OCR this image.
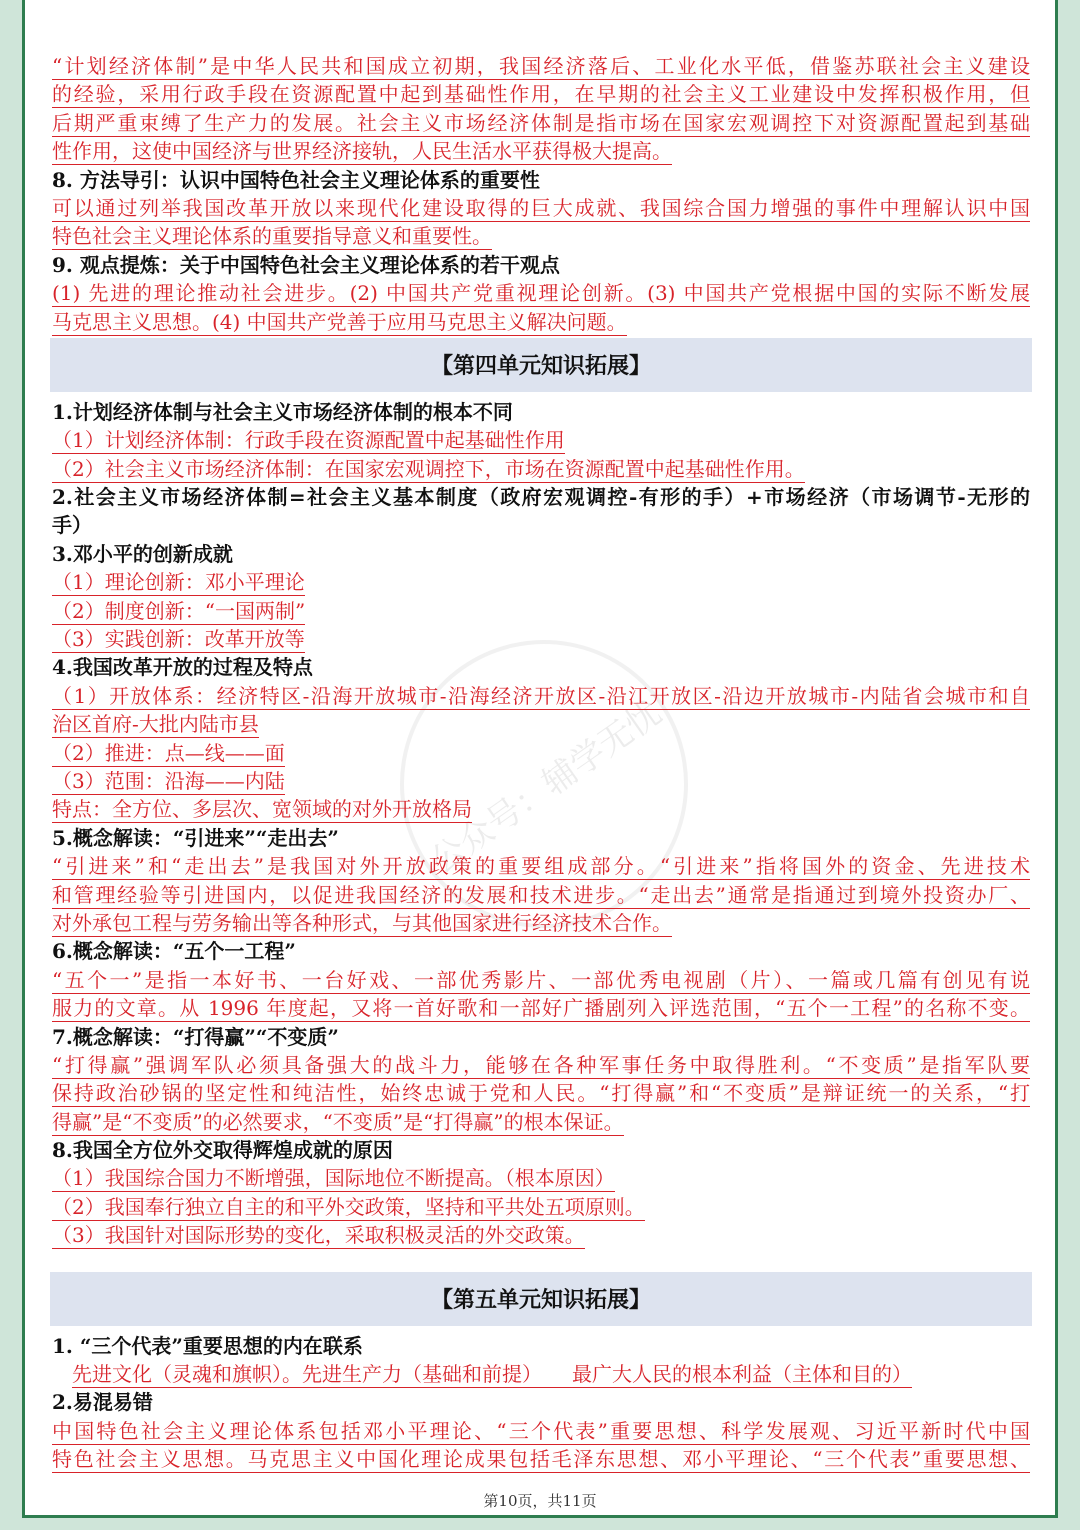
公众号：辅学无忧
“计划经济体制”是中华人民共和国成立初期，我国经济落后、工业化水平低，借鉴苏联社会主义建设
的经验，采用行政手段在资源配置中起到基础性作用，在早期的社会主义工业建设中发挥积极作用，但
后期严重束缚了生产力的发展。社会主义市场经济体制是指市场在国家宏观调控下对资源配置起到基础
性作用，这使中国经济与世界经济接轨，人民生活水平获得极大提高。
8. 方法导引：认识中国特色社会主义理论体系的重要性
可以通过列举我国改革开放以来现代化建设取得的巨大成就、我国综合国力增强的事件中理解认识中国
特色社会主义理论体系的重要指导意义和重要性。
9. 观点提炼：关于中国特色社会主义理论体系的若干观点
(1) 先进的理论推动社会进步。(2) 中国共产党重视理论创新。(3) 中国共产党根据中国的实际不断发展
马克思主义思想。(4) 中国共产党善于应用马克思主义解决问题。
【第四单元知识拓展】
1.计划经济体制与社会主义市场经济体制的根本不同
（1）计划经济体制：行政手段在资源配置中起基础性作用
（2）社会主义市场经济体制：在国家宏观调控下，市场在资源配置中起基础性作用。
2.社会主义市场经济体制=社会主义基本制度（政府宏观调控-有形的手）+市场经济（市场调节-无形的
手）
3.邓小平的创新成就
（1）理论创新：邓小平理论
（2）制度创新：“一国两制”
（3）实践创新：改革开放等
4.我国改革开放的过程及特点
（1）开放体系：经济特区-沿海开放城市-沿海经济开放区-沿江开放区-沿边开放城市-内陆省会城市和自
治区首府-大批内陆市县
（2）推进：点—线——面
（3）范围：沿海——内陆
特点：全方位、多层次、宽领域的对外开放格局
5.概念解读：“引进来”“走出去”
“引进来”和“走出去”是我国对外开放政策的重要组成部分。“引进来”指将国外的资金、先进技术
和管理经验等引进国内，以促进我国经济的发展和技术进步。“走出去”通常是指通过到境外投资办厂、
对外承包工程与劳务输出等各种形式，与其他国家进行经济技术合作。
6.概念解读：“五个一工程”
“五个一”是指一本好书、一台好戏、一部优秀影片、一部优秀电视剧（片）、一篇或几篇有创见有说
服力的文章。从 1996 年度起，又将一首好歌和一部好广播剧列入评选范围，“五个一工程”的名称不变。
7.概念解读：“打得赢”“不变质”
“打得赢”强调军队必须具备强大的战斗力，能够在各种军事任务中取得胜利。“不变质”是指军队要
保持政治砂锅的坚定性和纯洁性，始终忠诚于党和人民。“打得赢”和“不变质”是辩证统一的关系，“打
得赢”是“不变质”的必然要求，“不变质”是“打得赢”的根本保证。
8.我国全方位外交取得辉煌成就的原因
（1）我国综合国力不断增强，国际地位不断提高。（根本原因）
（2）我国奉行独立自主的和平外交政策，坚持和平共处五项原则。
（3）我国针对国际形势的变化，采取积极灵活的外交政策。
【第五单元知识拓展】
1. “三个代表”重要思想的内在联系
先进文化（灵魂和旗帜）。先进生产力（基础和前提）　　最广大人民的根本利益（主体和目的）
2.易混易错
中国特色社会主义理论体系包括邓小平理论、“三个代表”重要思想、科学发展观、习近平新时代中国
特色社会主义思想。马克思主义中国化理论成果包括毛泽东思想、邓小平理论、“三个代表”重要思想、
第10页，共11页
